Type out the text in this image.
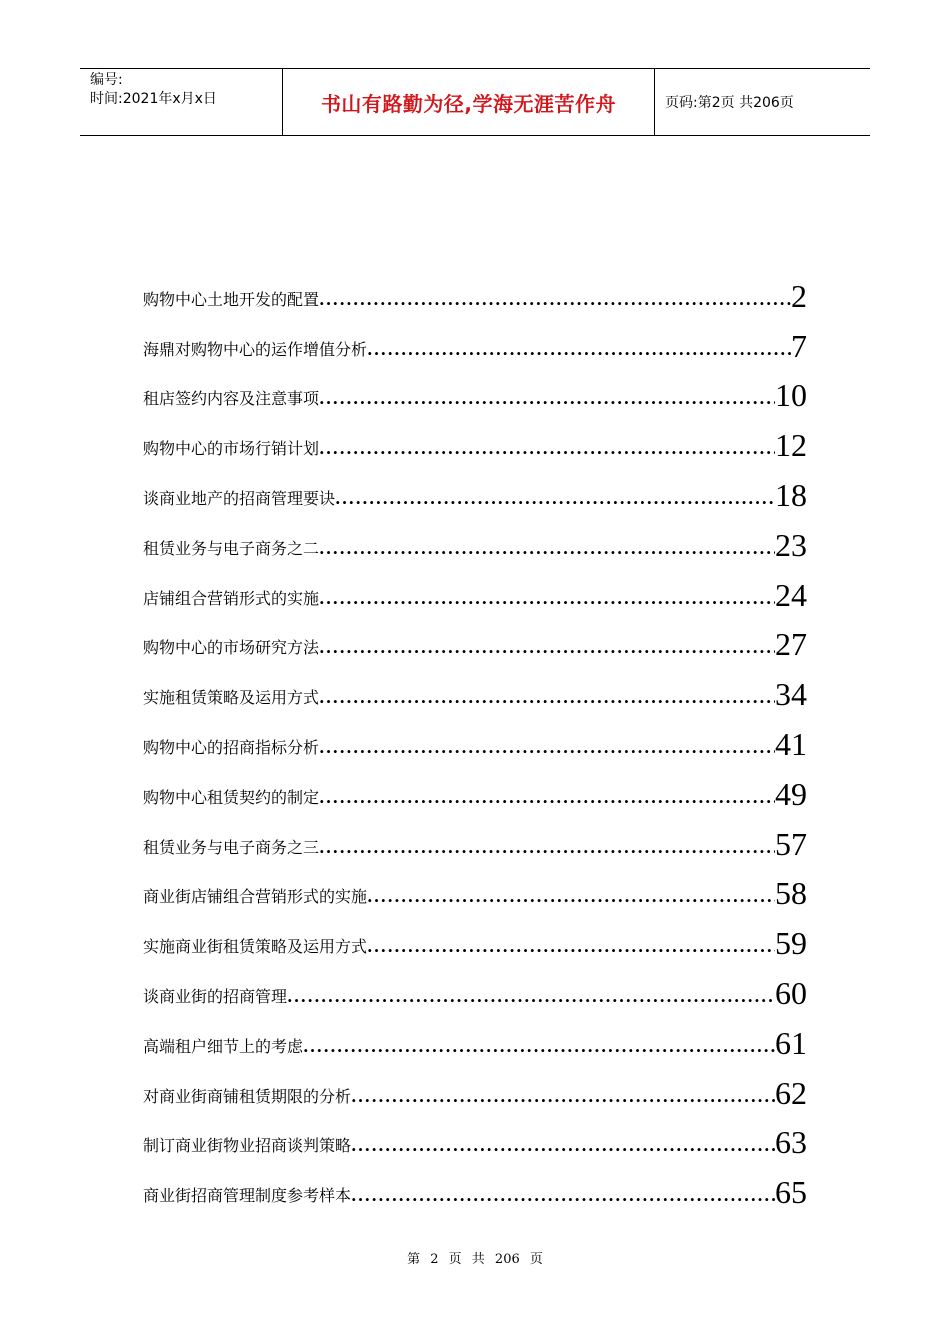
编号:
时间:2021年x月x日	书山有路勤为径,学海无涯苦作舟	页码:第2页 共206页
购物中心土地开发的配置 .....	2
海鼎对购物中心的运作增值分析 .....	7
租店签约内容及注意事项 .....	10
购物中心的市场行销计划 .....	12
谈商业地产的招商管理要诀 .....	18
租赁业务与电子商务之二 .....	23
店铺组合营销形式的实施 .....	24
购物中心的市场研究方法 .....	27
实施租赁策略及运用方式 .....	34
购物中心的招商指标分析 .....	41
购物中心租赁契约的制定 .....	49
租赁业务与电子商务之三 .....	57
商业街店铺组合营销形式的实施 .....	58
实施商业街租赁策略及运用方式 .....	59
谈商业街的招商管理 .....	60
高端租户细节上的考虑 .....	61
对商业街商铺租赁期限的分析 .....	62
制订商业街物业招商谈判策略 .....	63
商业街招商管理制度参考样本 .....	65
第 2 页 共 206 页
